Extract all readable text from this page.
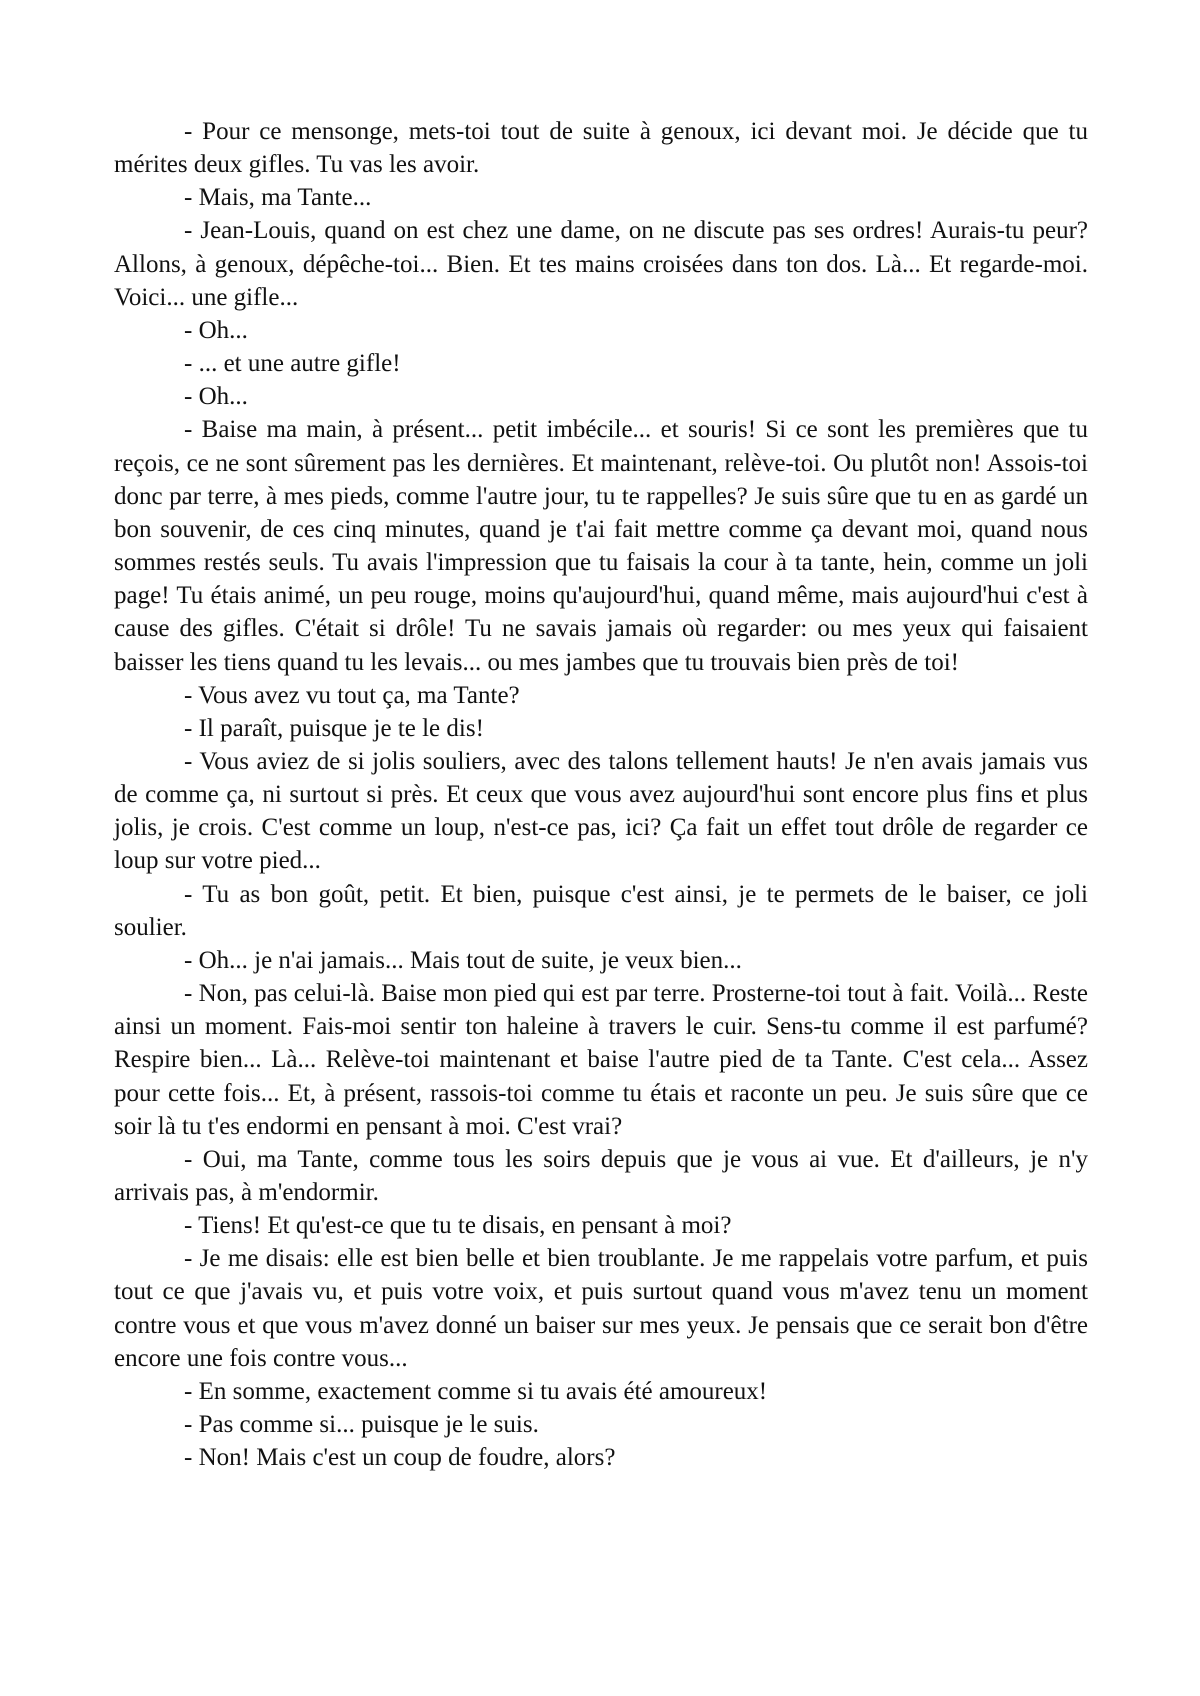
- Pour ce mensonge, mets-toi tout de suite à genoux, ici devant moi. Je décide que tu mérites deux gifles. Tu vas les avoir.

- Mais, ma Tante...

- Jean-Louis, quand on est chez une dame, on ne discute pas ses ordres! Aurais-tu peur? Allons, à genoux, dépêche-toi... Bien. Et tes mains croisées dans ton dos. Là... Et regarde-moi. Voici... une gifle...

- Oh...

- ... et une autre gifle!

- Oh...

- Baise ma main, à présent... petit imbécile... et souris! Si ce sont les premières que tu reçois, ce ne sont sûrement pas les dernières. Et maintenant, relève-toi. Ou plutôt non! Assois-toi donc par terre, à mes pieds, comme l'autre jour, tu te rappelles? Je suis sûre que tu en as gardé un bon souvenir, de ces cinq minutes, quand je t'ai fait mettre comme ça devant moi, quand nous sommes restés seuls. Tu avais l'impression que tu faisais la cour à ta tante, hein, comme un joli page! Tu étais animé, un peu rouge, moins qu'aujourd'hui, quand même, mais aujourd'hui c'est à cause des gifles. C'était si drôle! Tu ne savais jamais où regarder: ou mes yeux qui faisaient baisser les tiens quand tu les levais... ou mes jambes que tu trouvais bien près de toi!

- Vous avez vu tout ça, ma Tante?

- Il paraît, puisque je te le dis!

- Vous aviez de si jolis souliers, avec des talons tellement hauts! Je n'en avais jamais vus de comme ça, ni surtout si près. Et ceux que vous avez aujourd'hui sont encore plus fins et plus jolis, je crois. C'est comme un loup, n'est-ce pas, ici? Ça fait un effet tout drôle de regarder ce loup sur votre pied...

- Tu as bon goût, petit. Et bien, puisque c'est ainsi, je te permets de le baiser, ce joli soulier.

- Oh... je n'ai jamais... Mais tout de suite, je veux bien...

- Non, pas celui-là. Baise mon pied qui est par terre. Prosterne-toi tout à fait. Voilà... Reste ainsi un moment. Fais-moi sentir ton haleine à travers le cuir. Sens-tu comme il est parfumé? Respire bien... Là... Relève-toi maintenant et baise l'autre pied de ta Tante. C'est cela... Assez pour cette fois... Et, à présent, rassois-toi comme tu étais et raconte un peu. Je suis sûre que ce soir là tu t'es endormi en pensant à moi. C'est vrai?

- Oui, ma Tante, comme tous les soirs depuis que je vous ai vue. Et d'ailleurs, je n'y arrivais pas, à m'endormir.

- Tiens! Et qu'est-ce que tu te disais, en pensant à moi?

- Je me disais: elle est bien belle et bien troublante. Je me rappelais votre parfum, et puis tout ce que j'avais vu, et puis votre voix, et puis surtout quand vous m'avez tenu un moment contre vous et que vous m'avez donné un baiser sur mes yeux. Je pensais que ce serait bon d'être encore une fois contre vous...

- En somme, exactement comme si tu avais été amoureux!

- Pas comme si... puisque je le suis.

- Non! Mais c'est un coup de foudre, alors?
